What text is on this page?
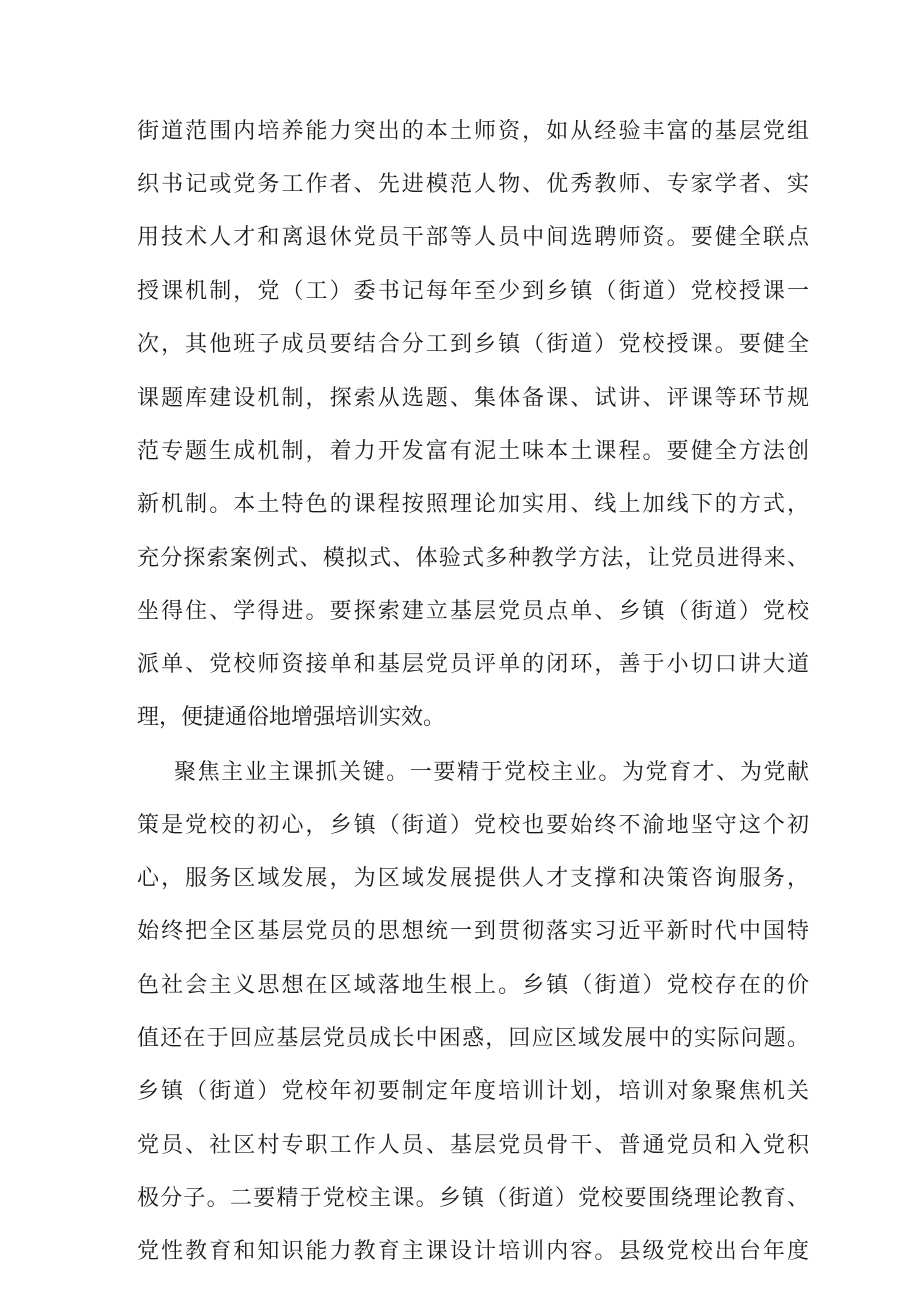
街道范围内培养能力突出的本土师资，如从经验丰富的基层党组
织书记或党务工作者、先进模范人物、优秀教师、专家学者、实
用技术人才和离退休党员干部等人员中间选聘师资。要健全联点
授课机制，党（工）委书记每年至少到乡镇（街道）党校授课一
次，其他班子成员要结合分工到乡镇（街道）党校授课。要健全
课题库建设机制，探索从选题、集体备课、试讲、评课等环节规
范专题生成机制，着力开发富有泥土味本土课程。要健全方法创
新机制。本土特色的课程按照理论加实用、线上加线下的方式，
充分探索案例式、模拟式、体验式多种教学方法，让党员进得来、
坐得住、学得进。要探索建立基层党员点单、乡镇（街道）党校
派单、党校师资接单和基层党员评单的闭环，善于小切口讲大道
理，便捷通俗地增强培训实效。
聚焦主业主课抓关键。一要精于党校主业。为党育才、为党献
策是党校的初心，乡镇（街道）党校也要始终不渝地坚守这个初
心，服务区域发展，为区域发展提供人才支撑和决策咨询服务，
始终把全区基层党员的思想统一到贯彻落实习近平新时代中国特
色社会主义思想在区域落地生根上。乡镇（街道）党校存在的价
值还在于回应基层党员成长中困惑，回应区域发展中的实际问题。
乡镇（街道）党校年初要制定年度培训计划，培训对象聚焦机关
党员、社区村专职工作人员、基层党员骨干、普通党员和入党积
极分子。二要精于党校主课。乡镇（街道）党校要围绕理论教育、
党性教育和知识能力教育主课设计培训内容。县级党校出台年度
